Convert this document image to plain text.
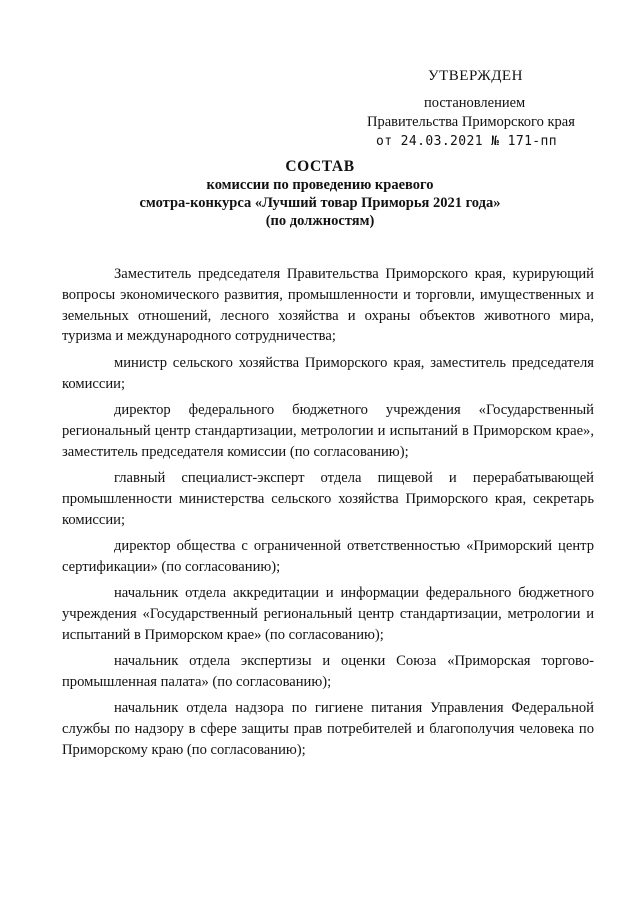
УТВЕРЖДЕН
постановлением
Правительства Приморского края
от 24.03.2021 № 171-пп
СОСТАВ
комиссии по проведению краевого
смотра-конкурса «Лучший товар Приморья 2021 года»
(по должностям)

Заместитель председателя Правительства Приморского края, курирующий вопросы экономического развития, промышленности и торговли, имущественных и земельных отношений, лесного хозяйства и охраны объектов животного мира, туризма и международного сотрудничества;

министр сельского хозяйства Приморского края, заместитель председателя комиссии;

директор федерального бюджетного учреждения «Государственный региональный центр стандартизации, метрологии и испытаний в Приморском крае», заместитель председателя комиссии (по согласованию);

главный специалист-эксперт отдела пищевой и перерабатывающей промышленности министерства сельского хозяйства Приморского края, секретарь комиссии;

директор общества с ограниченной ответственностью «Приморский центр сертификации» (по согласованию);

начальник отдела аккредитации и информации федерального бюджетного учреждения «Государственный региональный центр стандартизации, метрологии и испытаний в Приморском крае» (по согласованию);

начальник отдела экспертизы и оценки Союза «Приморская торгово-промышленная палата» (по согласованию);

начальник отдела надзора по гигиене питания Управления Федеральной службы по надзору в сфере защиты прав потребителей и благополучия человека по Приморскому краю (по согласованию);
